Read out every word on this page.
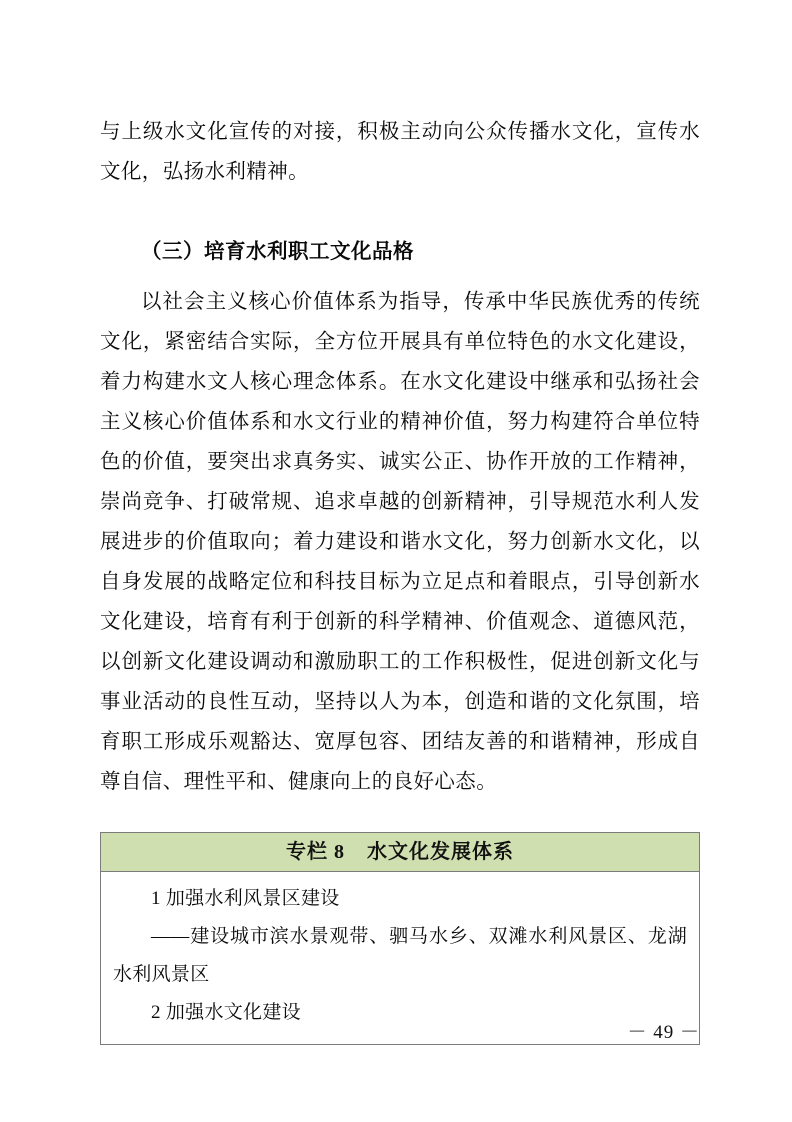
与上级水文化宣传的对接，积极主动向公众传播水文化，宣传水文化，弘扬水利精神。

（三）培育水利职工文化品格

以社会主义核心价值体系为指导，传承中华民族优秀的传统文化，紧密结合实际，全方位开展具有单位特色的水文化建设，着力构建水文人核心理念体系。在水文化建设中继承和弘扬社会主义核心价值体系和水文行业的精神价值，努力构建符合单位特色的价值，要突出求真务实、诚实公正、协作开放的工作精神，崇尚竞争、打破常规、追求卓越的创新精神，引导规范水利人发展进步的价值取向；着力建设和谐水文化，努力创新水文化，以自身发展的战略定位和科技目标为立足点和着眼点，引导创新水文化建设，培育有利于创新的科学精神、价值观念、道德风范，以创新文化建设调动和激励职工的工作积极性，促进创新文化与事业活动的良性互动，坚持以人为本，创造和谐的文化氛围，培育职工形成乐观豁达、宽厚包容、团结友善的和谐精神，形成自尊自信、理性平和、健康向上的良好心态。

专栏 8 水文化发展体系

1 加强水利风景区建设

——建设城市滨水景观带、驷马水乡、双滩水利风景区、龙湖水利风景区

2 加强水文化建设

－ 49 －
